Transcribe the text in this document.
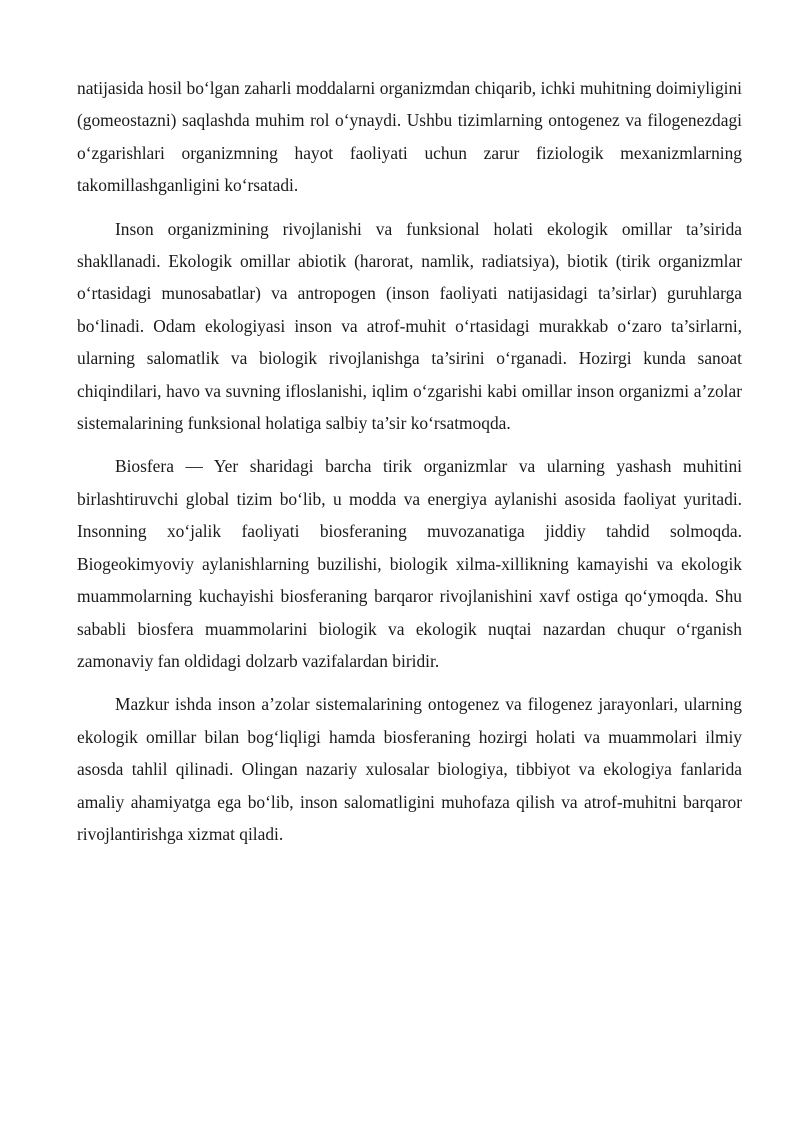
natijasida hosil bo‘lgan zaharli moddalarni organizmdan chiqarib, ichki muhitning doimiyligini (gomeostazni) saqlashda muhim rol o‘ynaydi. Ushbu tizimlarning ontogenez va filogenezdagi o‘zgarishlari organizmning hayot faoliyati uchun zarur fiziologik mexanizmlarning takomillashganligini ko‘rsatadi.

Inson organizmining rivojlanishi va funksional holati ekologik omillar ta’sirida shakllanadi. Ekologik omillar abiotik (harorat, namlik, radiatsiya), biotik (tirik organizmlar o‘rtasidagi munosabatlar) va antropogen (inson faoliyati natijasidagi ta’sirlar) guruhlarga bo‘linadi. Odam ekologiyasi inson va atrof-muhit o‘rtasidagi murakkab o‘zaro ta’sirlarni, ularning salomatlik va biologik rivojlanishga ta’sirini o‘rganadi. Hozirgi kunda sanoat chiqindilari, havo va suvning ifloslanishi, iqlim o‘zgarishi kabi omillar inson organizmi a’zolar sistemalarining funksional holatiga salbiy ta’sir ko‘rsatmoqda.

Biosfera — Yer sharidagi barcha tirik organizmlar va ularning yashash muhitini birlashtiruvchi global tizim bo‘lib, u modda va energiya aylanishi asosida faoliyat yuritadi. Insonning xo‘jalik faoliyati biosferaning muvozanatiga jiddiy tahdid solmoqda. Biogeokimyoviy aylanishlarning buzilishi, biologik xilma-xillikning kamayishi va ekologik muammolarning kuchayishi biosferaning barqaror rivojlanishini xavf ostiga qo‘ymoqda. Shu sababli biosfera muammolarini biologik va ekologik nuqtai nazardan chuqur o‘rganish zamonaviy fan oldidagi dolzarb vazifalardan biridir.

Mazkur ishda inson a’zolar sistemalarining ontogenez va filogenez jarayonlari, ularning ekologik omillar bilan bog‘liqligi hamda biosferaning hozirgi holati va muammolari ilmiy asosda tahlil qilinadi. Olingan nazariy xulosalar biologiya, tibbiyot va ekologiya fanlarida amaliy ahamiyatga ega bo‘lib, inson salomatligini muhofaza qilish va atrof-muhitni barqaror rivojlantirishga xizmat qiladi.
